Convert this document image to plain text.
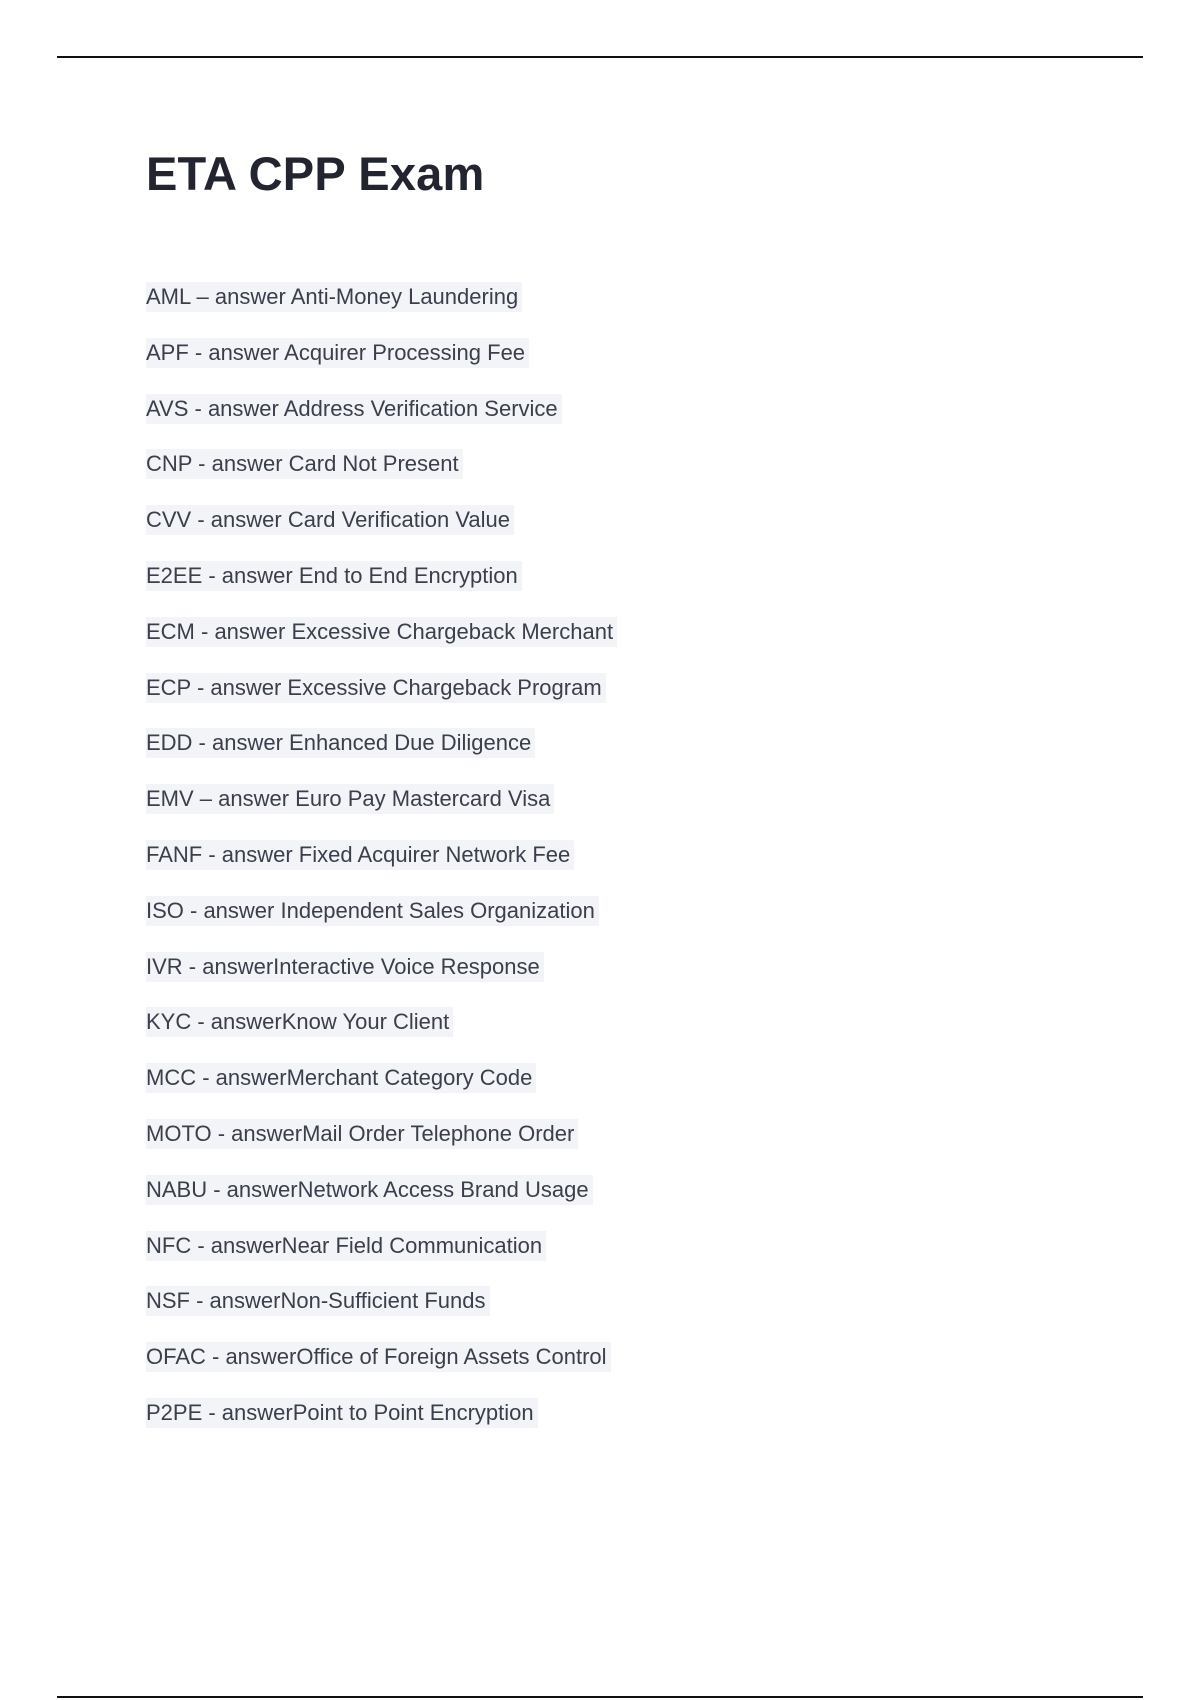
ETA CPP Exam
AML – answer Anti-Money Laundering
APF - answer Acquirer Processing Fee
AVS - answer Address Verification Service
CNP - answer Card Not Present
CVV - answer Card Verification Value
E2EE - answer End to End Encryption
ECM - answer Excessive Chargeback Merchant
ECP - answer Excessive Chargeback Program
EDD - answer Enhanced Due Diligence
EMV – answer Euro Pay Mastercard Visa
FANF - answer Fixed Acquirer Network Fee
ISO - answer Independent Sales Organization
IVR - answerInteractive Voice Response
KYC - answerKnow Your Client
MCC - answerMerchant Category Code
MOTO - answerMail Order Telephone Order
NABU - answerNetwork Access Brand Usage
NFC - answerNear Field Communication
NSF - answerNon-Sufficient Funds
OFAC - answerOffice of Foreign Assets Control
P2PE - answerPoint to Point Encryption
